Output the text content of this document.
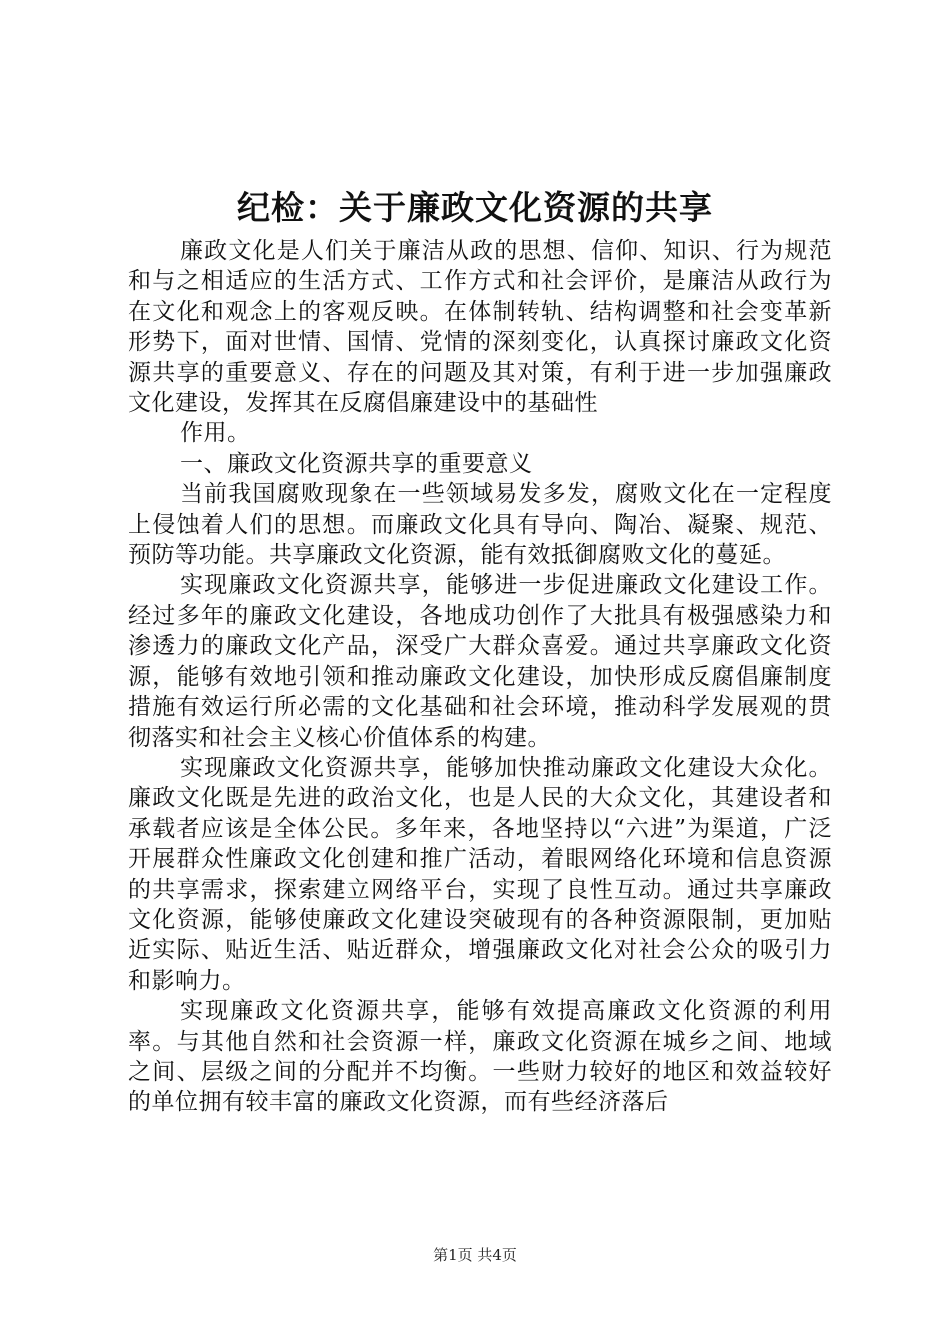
纪检：关于廉政文化资源的共享

廉政文化是人们关于廉洁从政的思想、信仰、知识、行为规范和与之相适应的生活方式、工作方式和社会评价，是廉洁从政行为在文化和观念上的客观反映。在体制转轨、结构调整和社会变革新形势下，面对世情、国情、党情的深刻变化，认真探讨廉政文化资源共享的重要意义、存在的问题及其对策，有利于进一步加强廉政文化建设，发挥其在反腐倡廉建设中的基础性

作用。

一、廉政文化资源共享的重要意义

当前我国腐败现象在一些领域易发多发，腐败文化在一定程度上侵蚀着人们的思想。而廉政文化具有导向、陶冶、凝聚、规范、预防等功能。共享廉政文化资源，能有效抵御腐败文化的蔓延。

实现廉政文化资源共享，能够进一步促进廉政文化建设工作。经过多年的廉政文化建设，各地成功创作了大批具有极强感染力和渗透力的廉政文化产品，深受广大群众喜爱。通过共享廉政文化资源，能够有效地引领和推动廉政文化建设，加快形成反腐倡廉制度措施有效运行所必需的文化基础和社会环境，推动科学发展观的贯彻落实和社会主义核心价值体系的构建。

实现廉政文化资源共享，能够加快推动廉政文化建设大众化。廉政文化既是先进的政治文化，也是人民的大众文化，其建设者和承载者应该是全体公民。多年来，各地坚持以“六进”为渠道，广泛开展群众性廉政文化创建和推广活动，着眼网络化环境和信息资源的共享需求，探索建立网络平台，实现了良性互动。通过共享廉政文化资源，能够使廉政文化建设突破现有的各种资源限制，更加贴近实际、贴近生活、贴近群众，增强廉政文化对社会公众的吸引力和影响力。

实现廉政文化资源共享，能够有效提高廉政文化资源的利用率。与其他自然和社会资源一样，廉政文化资源在城乡之间、地域之间、层级之间的分配并不均衡。一些财力较好的地区和效益较好的单位拥有较丰富的廉政文化资源，而有些经济落后

第1页 共4页
